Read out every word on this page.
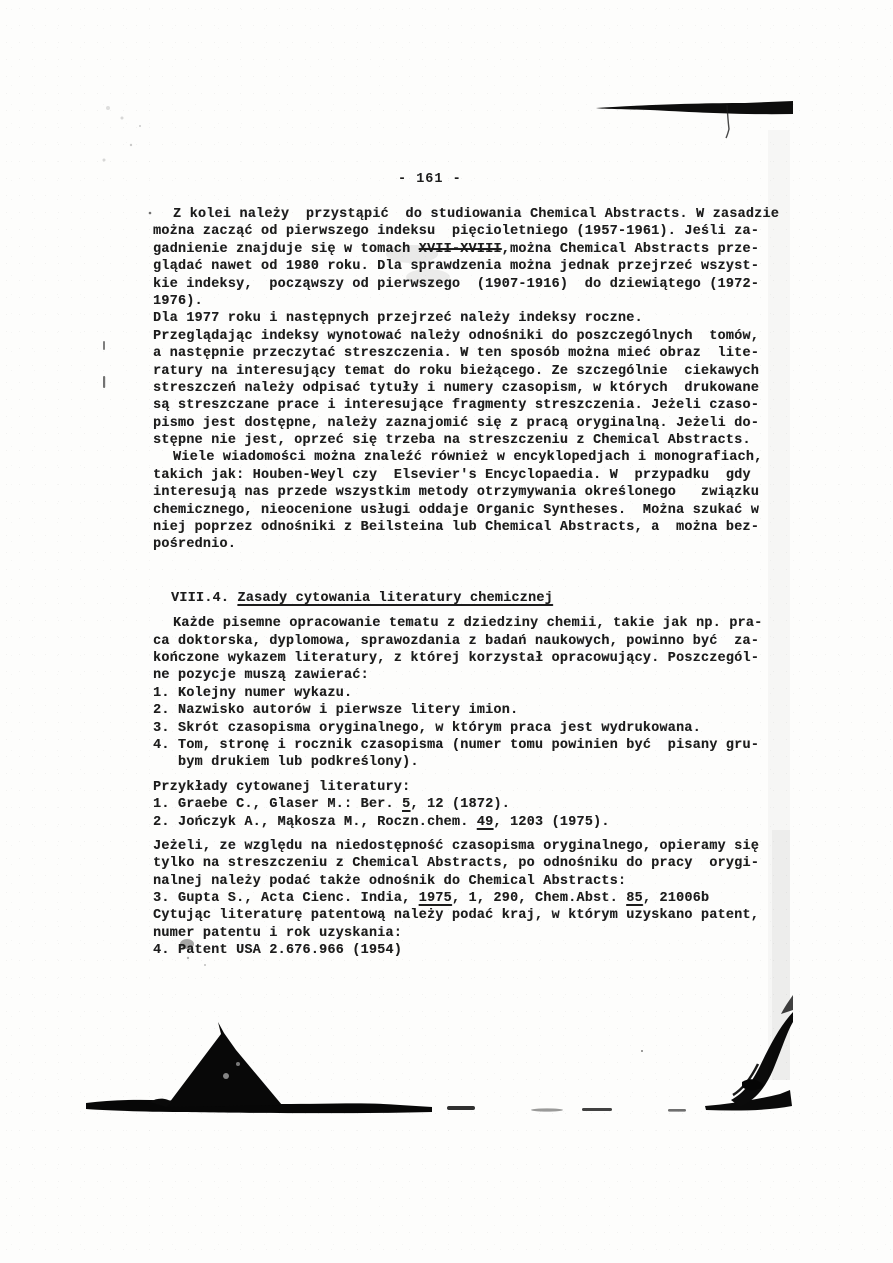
- 161 -
Z kolei należy  przystąpić  do studiowania Chemical Abstracts. W zasadzie
można zacząć od pierwszego indeksu  pięcioletniego (1957-1961). Jeśli za-
gadnienie znajduje się w tomach XVII-XVIII,można Chemical Abstracts prze-
glądać nawet od 1980 roku. Dla sprawdzenia można jednak przejrzeć wszyst-
kie indeksy,  począwszy od pierwszego  (1907-1916)  do dziewiątego (1972-
1976).
Dla 1977 roku i następnych przejrzeć należy indeksy roczne.
Przeglądając indeksy wynotować należy odnośniki do poszczególnych  tomów,
a następnie przeczytać streszczenia. W ten sposób można mieć obraz  lite-
ratury na interesujący temat do roku bieżącego. Ze szczególnie  ciekawych
streszczeń należy odpisać tytuły i numery czasopism, w których  drukowane
są streszczane prace i interesujące fragmenty streszczenia. Jeżeli czaso-
pismo jest dostępne, należy zaznajomić się z pracą oryginalną. Jeżeli do-
stępne nie jest, oprzeć się trzeba na streszczeniu z Chemical Abstracts.
Wiele wiadomości można znaleźć również w encyklopedjach i monografiach,
takich jak: Houben-Weyl czy  Elsevier's Encyclopaedia. W  przypadku  gdy
interesują nas przede wszystkim metody otrzymywania określonego   związku
chemicznego, nieocenione usługi oddaje Organic Syntheses.  Można szukać w
niej poprzez odnośniki z Beilsteina lub Chemical Abstracts, a  można bez-
pośrednio.
VIII.4. Zasady cytowania literatury chemicznej
Każde pisemne opracowanie tematu z dziedziny chemii, takie jak np. pra-
ca doktorska, dyplomowa, sprawozdania z badań naukowych, powinno być  za-
kończone wykazem literatury, z której korzystał opracowujący. Poszczegól-
ne pozycje muszą zawierać:
1. Kolejny numer wykazu.
2. Nazwisko autorów i pierwsze litery imion.
3. Skrót czasopisma oryginalnego, w którym praca jest wydrukowana.
4. Tom, stronę i rocznik czasopisma (numer tomu powinien być  pisany gru-
bym drukiem lub podkreślony).
Przykłady cytowanej literatury:
1. Graebe C., Glaser M.: Ber. 5, 12 (1872).
2. Jończyk A., Mąkosza M., Roczn.chem. 49, 1203 (1975).
Jeżeli, ze względu na niedostępność czasopisma oryginalnego, opieramy się
tylko na streszczeniu z Chemical Abstracts, po odnośniku do pracy  orygi-
nalnej należy podać także odnośnik do Chemical Abstracts:
3. Gupta S., Acta Cienc. India, 1975, 1, 290, Chem.Abst. 85, 21006b
Cytując literaturę patentową należy podać kraj, w którym uzyskano patent,
numer patentu i rok uzyskania:
4. Patent USA 2.676.966 (1954)
